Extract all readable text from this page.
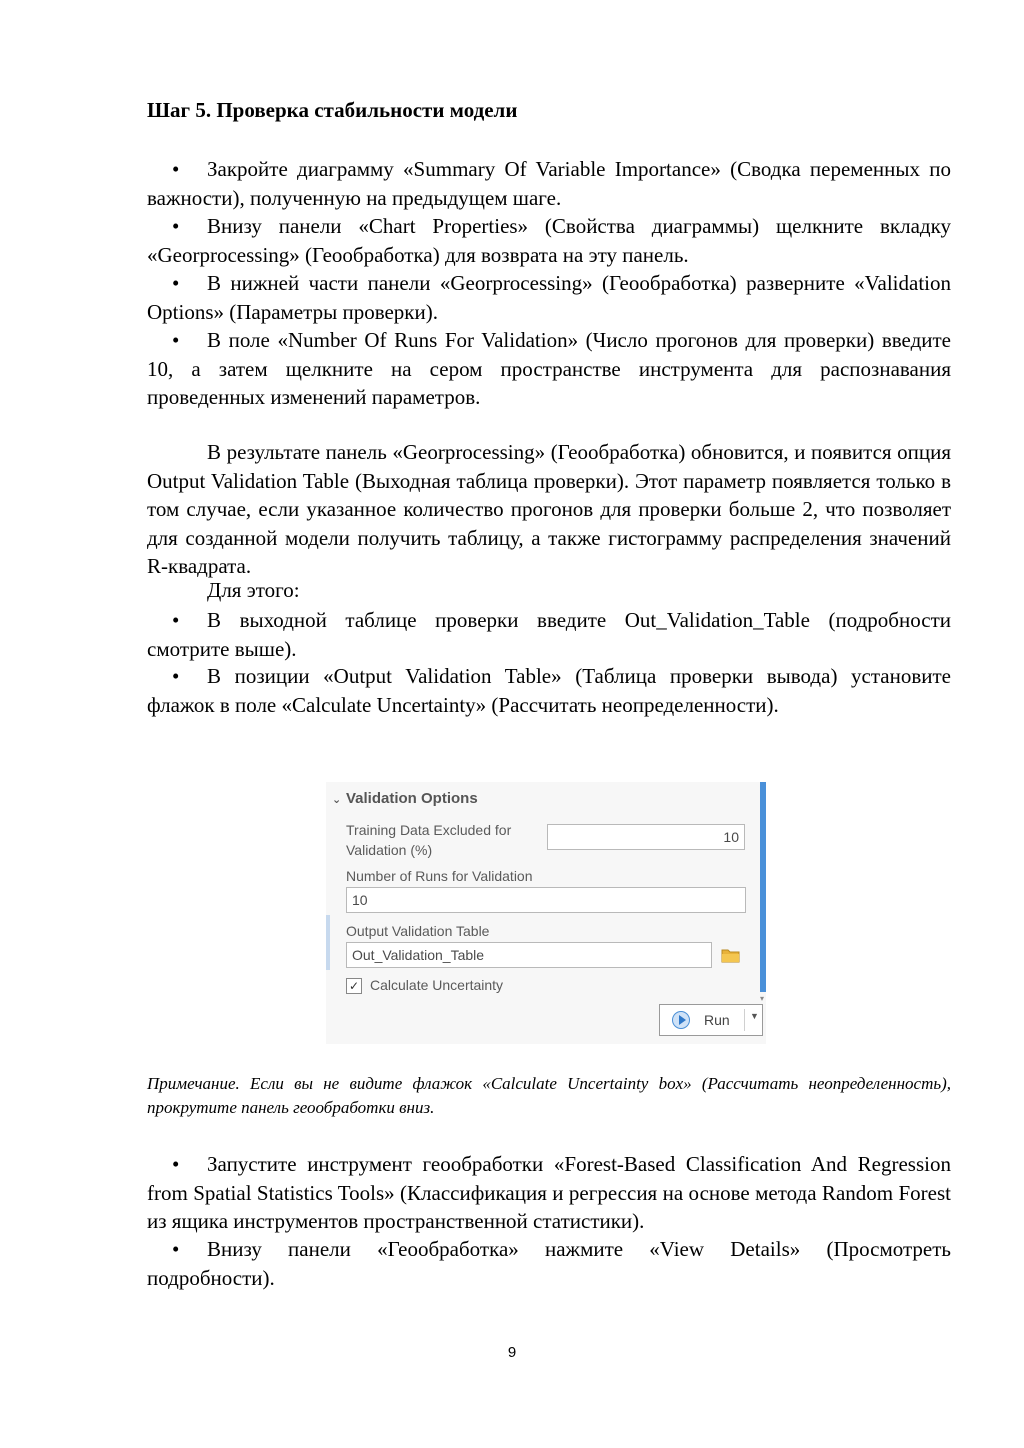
Шаг 5. Проверка стабильности модели
• Закройте диаграмму «Summary Of Variable Importance» (Сводка переменных по важности), полученную на предыдущем шаге.
• Внизу панели «Chart Properties» (Свойства диаграммы) щелкните вкладку «Georprocessing» (Геообработка) для возврата на эту панель.
• В нижней части панели «Georprocessing» (Геообработка) разверните «Validation Options» (Параметры проверки).
• В поле «Number Of Runs For Validation» (Число прогонов для проверки) введите 10, а затем щелкните на сером пространстве инструмента для распознавания проведенных изменений параметров.
В результате панель «Georprocessing» (Геообработка) обновится, и появится опция Output Validation Table (Выходная таблица проверки). Этот параметр появляется только в том случае, если указанное количество прогонов для проверки больше 2, что позволяет для созданной модели получить таблицу, а также гистограмму распределения значений R-квадрата.
Для этого:
• В выходной таблице проверки введите Out_Validation_Table (подробности смотрите выше).
• В позиции «Output Validation Table» (Таблица проверки вывода) установите флажок в поле «Calculate Uncertainty» (Рассчитать неопределенности).
Примечание. Если вы не видите флажок «Calculate Uncertainty box» (Рассчитать неопределенность), прокрутите панель геообработки вниз.
• Запустите инструмент геообработки «Forest-Based Classification And Regression from Spatial Statistics Tools» (Классификация и регрессия на основе метода Random Forest из ящика инструментов пространственной статистики).
• Внизу панели «Геообработка» нажмите «View Details» (Просмотреть подробности).
▾
⌄ Validation Options
Training Data Excluded for
Validation (%)
10
Number of Runs for Validation
10
Output Validation Table
Out_Validation_Table
✓ Calculate Uncertainty
Run ▼
9
